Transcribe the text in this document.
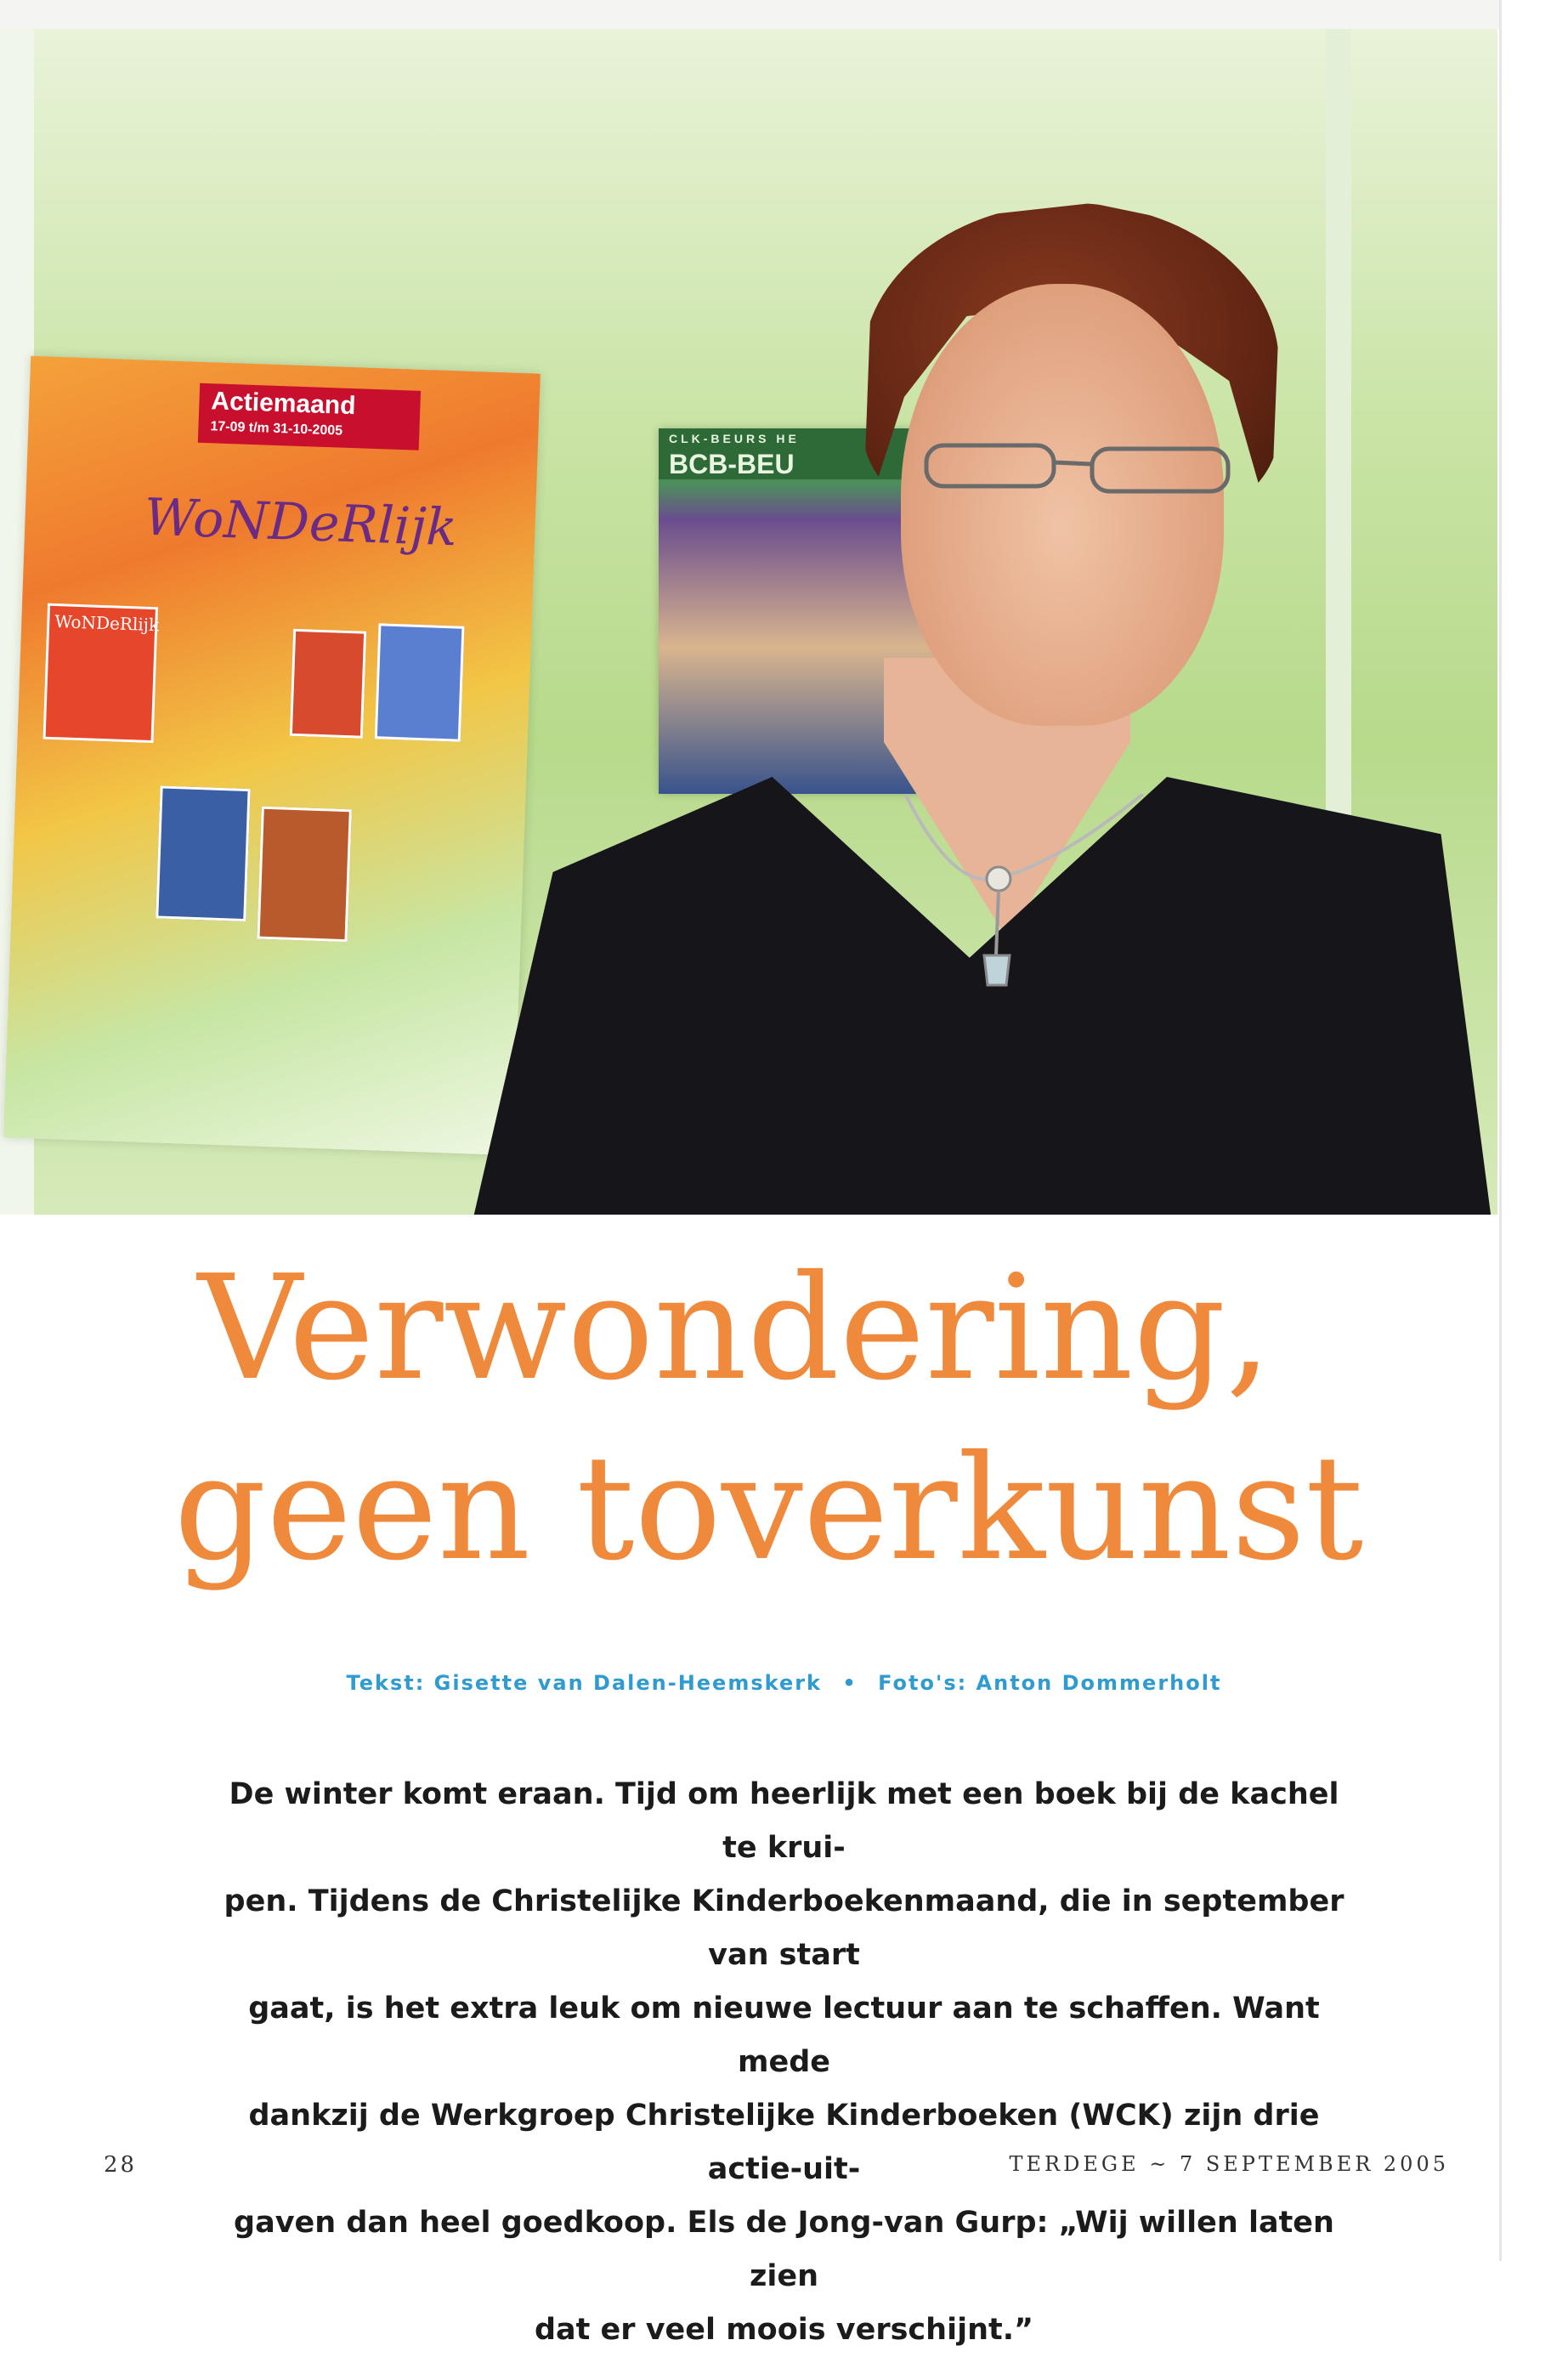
Actiemaand
17-09 t/m 31-10-2005
WoNDeRlijk
WoNDeRlijk
CLK-BEURS HE
BCB-BEU
Verwondering,
geen toverkunst
Tekst: Gisette van Dalen-Heemskerk • Foto's: Anton Dommerholt

De winter komt eraan. Tijd om heerlijk met een boek bij de kachel te krui-

pen. Tijdens de Christelijke Kinderboekenmaand, die in september van start

gaat, is het extra leuk om nieuwe lectuur aan te schaffen. Want mede

dankzij de Werkgroep Christelijke Kinderboeken (WCK) zijn drie actie-uit-

gaven dan heel goedkoop. Els de Jong-van Gurp: „Wij willen laten zien

dat er veel moois verschijnt.”

28	TERDEGE ~ 7 SEPTEMBER 2005
